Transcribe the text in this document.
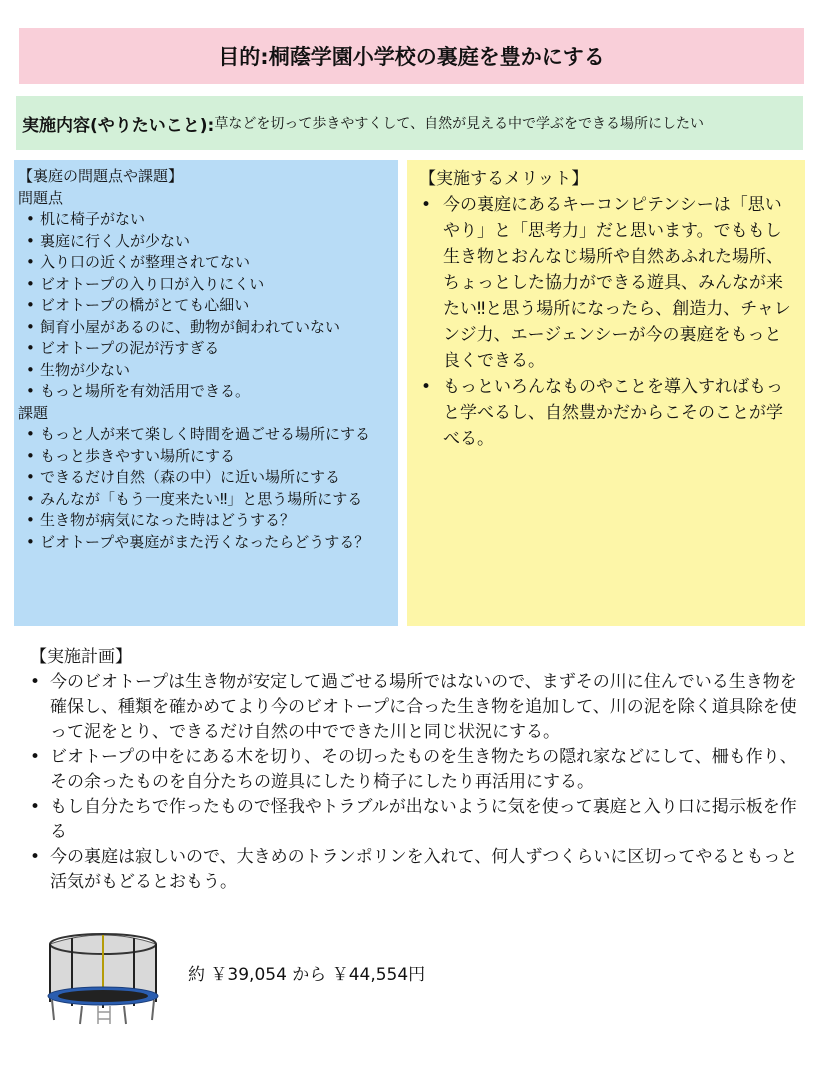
目的:桐蔭学園小学校の裏庭を豊かにする
実施内容(やりたいこと): 草などを切って歩きやすくして、自然が見える中で学ぶをできる場所にしたい
【裏庭の問題点や課題】
問題点
• 机に椅子がない
• 裏庭に行く人が少ない
• 入り口の近くが整理されてない
• ビオトープの入り口が入りにくい
• ビオトープの橋がとても心細い
• 飼育小屋があるのに、動物が飼われていない
• ビオトープの泥が汚すぎる
• 生物が少ない
• もっと場所を有効活用できる。
課題
• もっと人が来て楽しく時間を過ごせる場所にする
• もっと歩きやすい場所にする
• できるだけ自然（森の中）に近い場所にする
• みんなが「もう一度来たい‼」と思う場所にする
• 生き物が病気になった時はどうする？
• ビオトープや裏庭がまた汚くなったらどうする？
【実施するメリット】
• 今の裏庭にあるキーコンピテンシーは「思いやり」と「思考力」だと思います。でももし生き物とおんなじ場所や自然あふれた場所、ちょっとした協力ができる遊具、みんなが来たい‼と思う場所になったら、創造力、チャレンジ力、エージェンシーが今の裏庭をもっと良くできる。
• もっといろんなものやことを導入すればもっと学べるし、自然豊かだからこそのことが学べる。
【実施計画】
• 今のビオトープは生き物が安定して過ごせる場所ではないので、まずその川に住んでいる生き物を確保し、種類を確かめてより今のビオトープに合った生き物を追加して、川の泥を除く道具除を使って泥をとり、できるだけ自然の中でできた川と同じ状況にする。
• ビオトープの中をにある木を切り、その切ったものを生き物たちの隠れ家などにして、柵も作り、その余ったものを自分たちの遊具にしたり椅子にしたり再活用にする。
• もし自分たちで作ったもので怪我やトラブルが出ないように気を使って裏庭と入り口に掲示板を作る
• 今の裏庭は寂しいので、大きめのトランポリンを入れて、何人ずつくらいに区切ってやるともっと活気がもどるとおもう。
約 ￥39,054 から ￥44,554円
